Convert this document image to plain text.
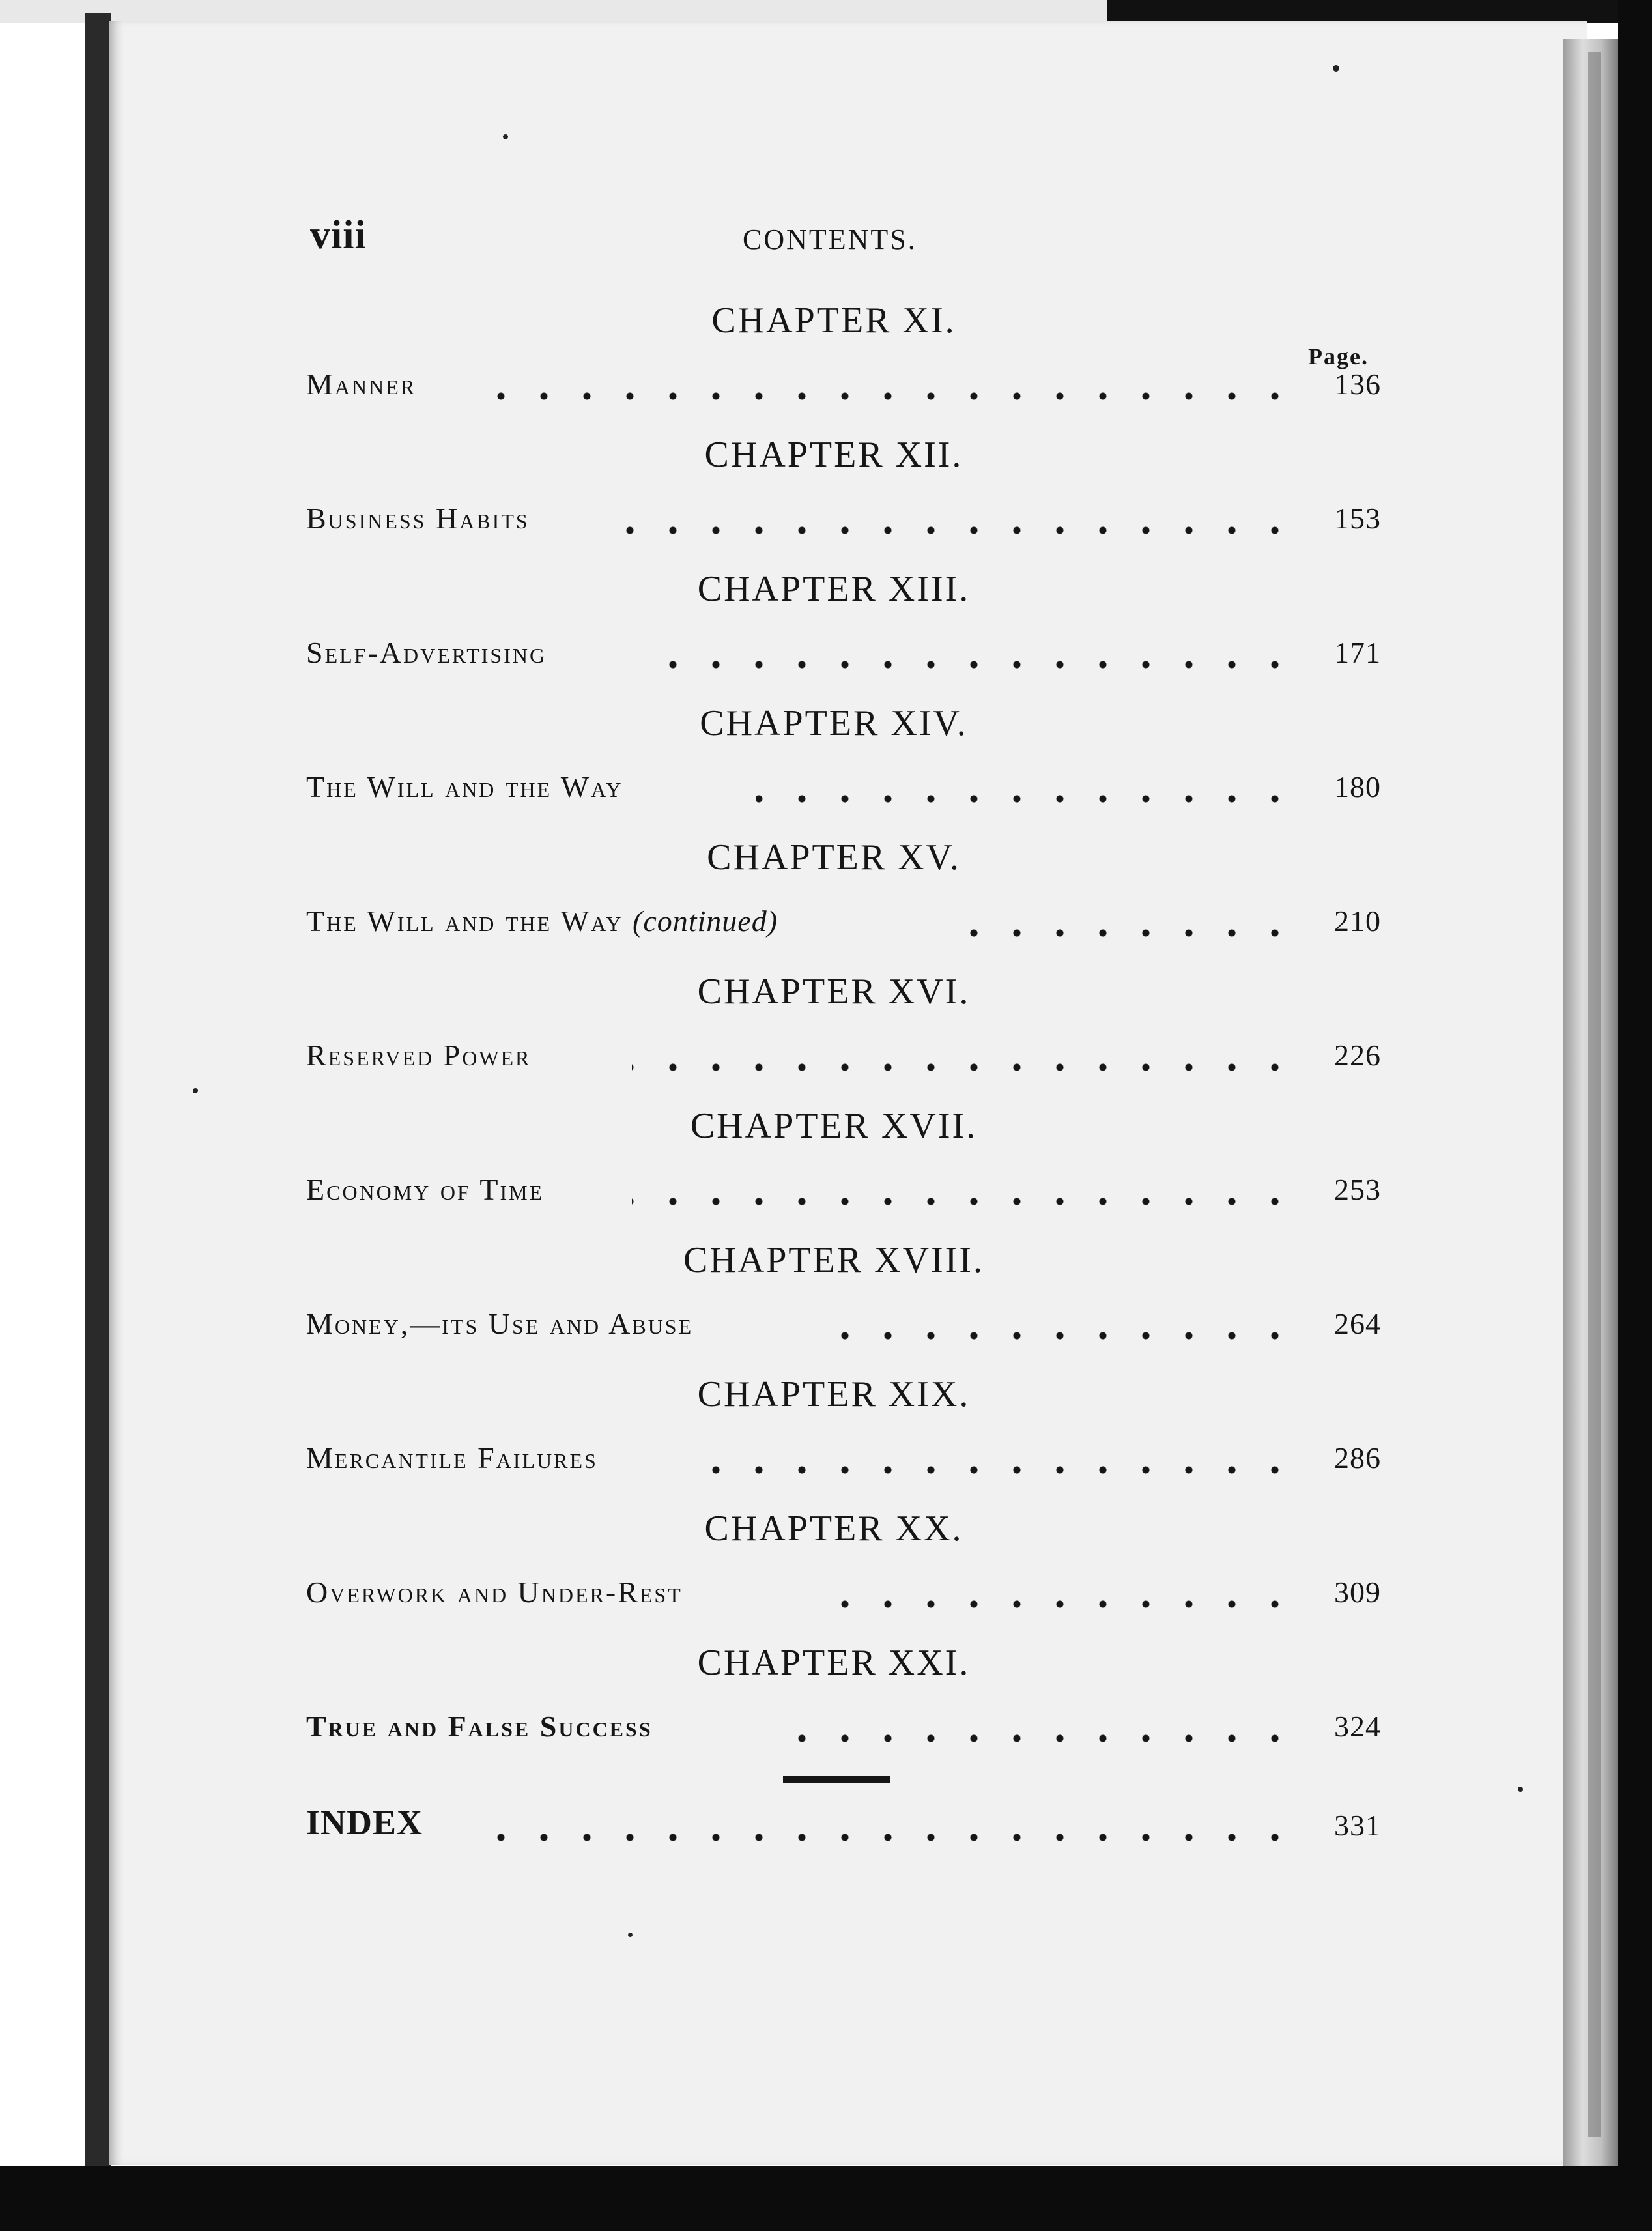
viii	CONTENTS.
Page.
CHAPTER XI.
Manner	136
CHAPTER XII.
Business Habits	153
CHAPTER XIII.
Self-Advertising	171
CHAPTER XIV.
The Will and the Way	180
CHAPTER XV.
The Will and the Way (continued)	210
CHAPTER XVI.
Reserved Power	226
CHAPTER XVII.
Economy of Time	253
CHAPTER XVIII.
Money,—its Use and Abuse	264
CHAPTER XIX.
Mercantile Failures	286
CHAPTER XX.
Overwork and Under-Rest	309
CHAPTER XXI.
True and False Success	324
INDEX	331
